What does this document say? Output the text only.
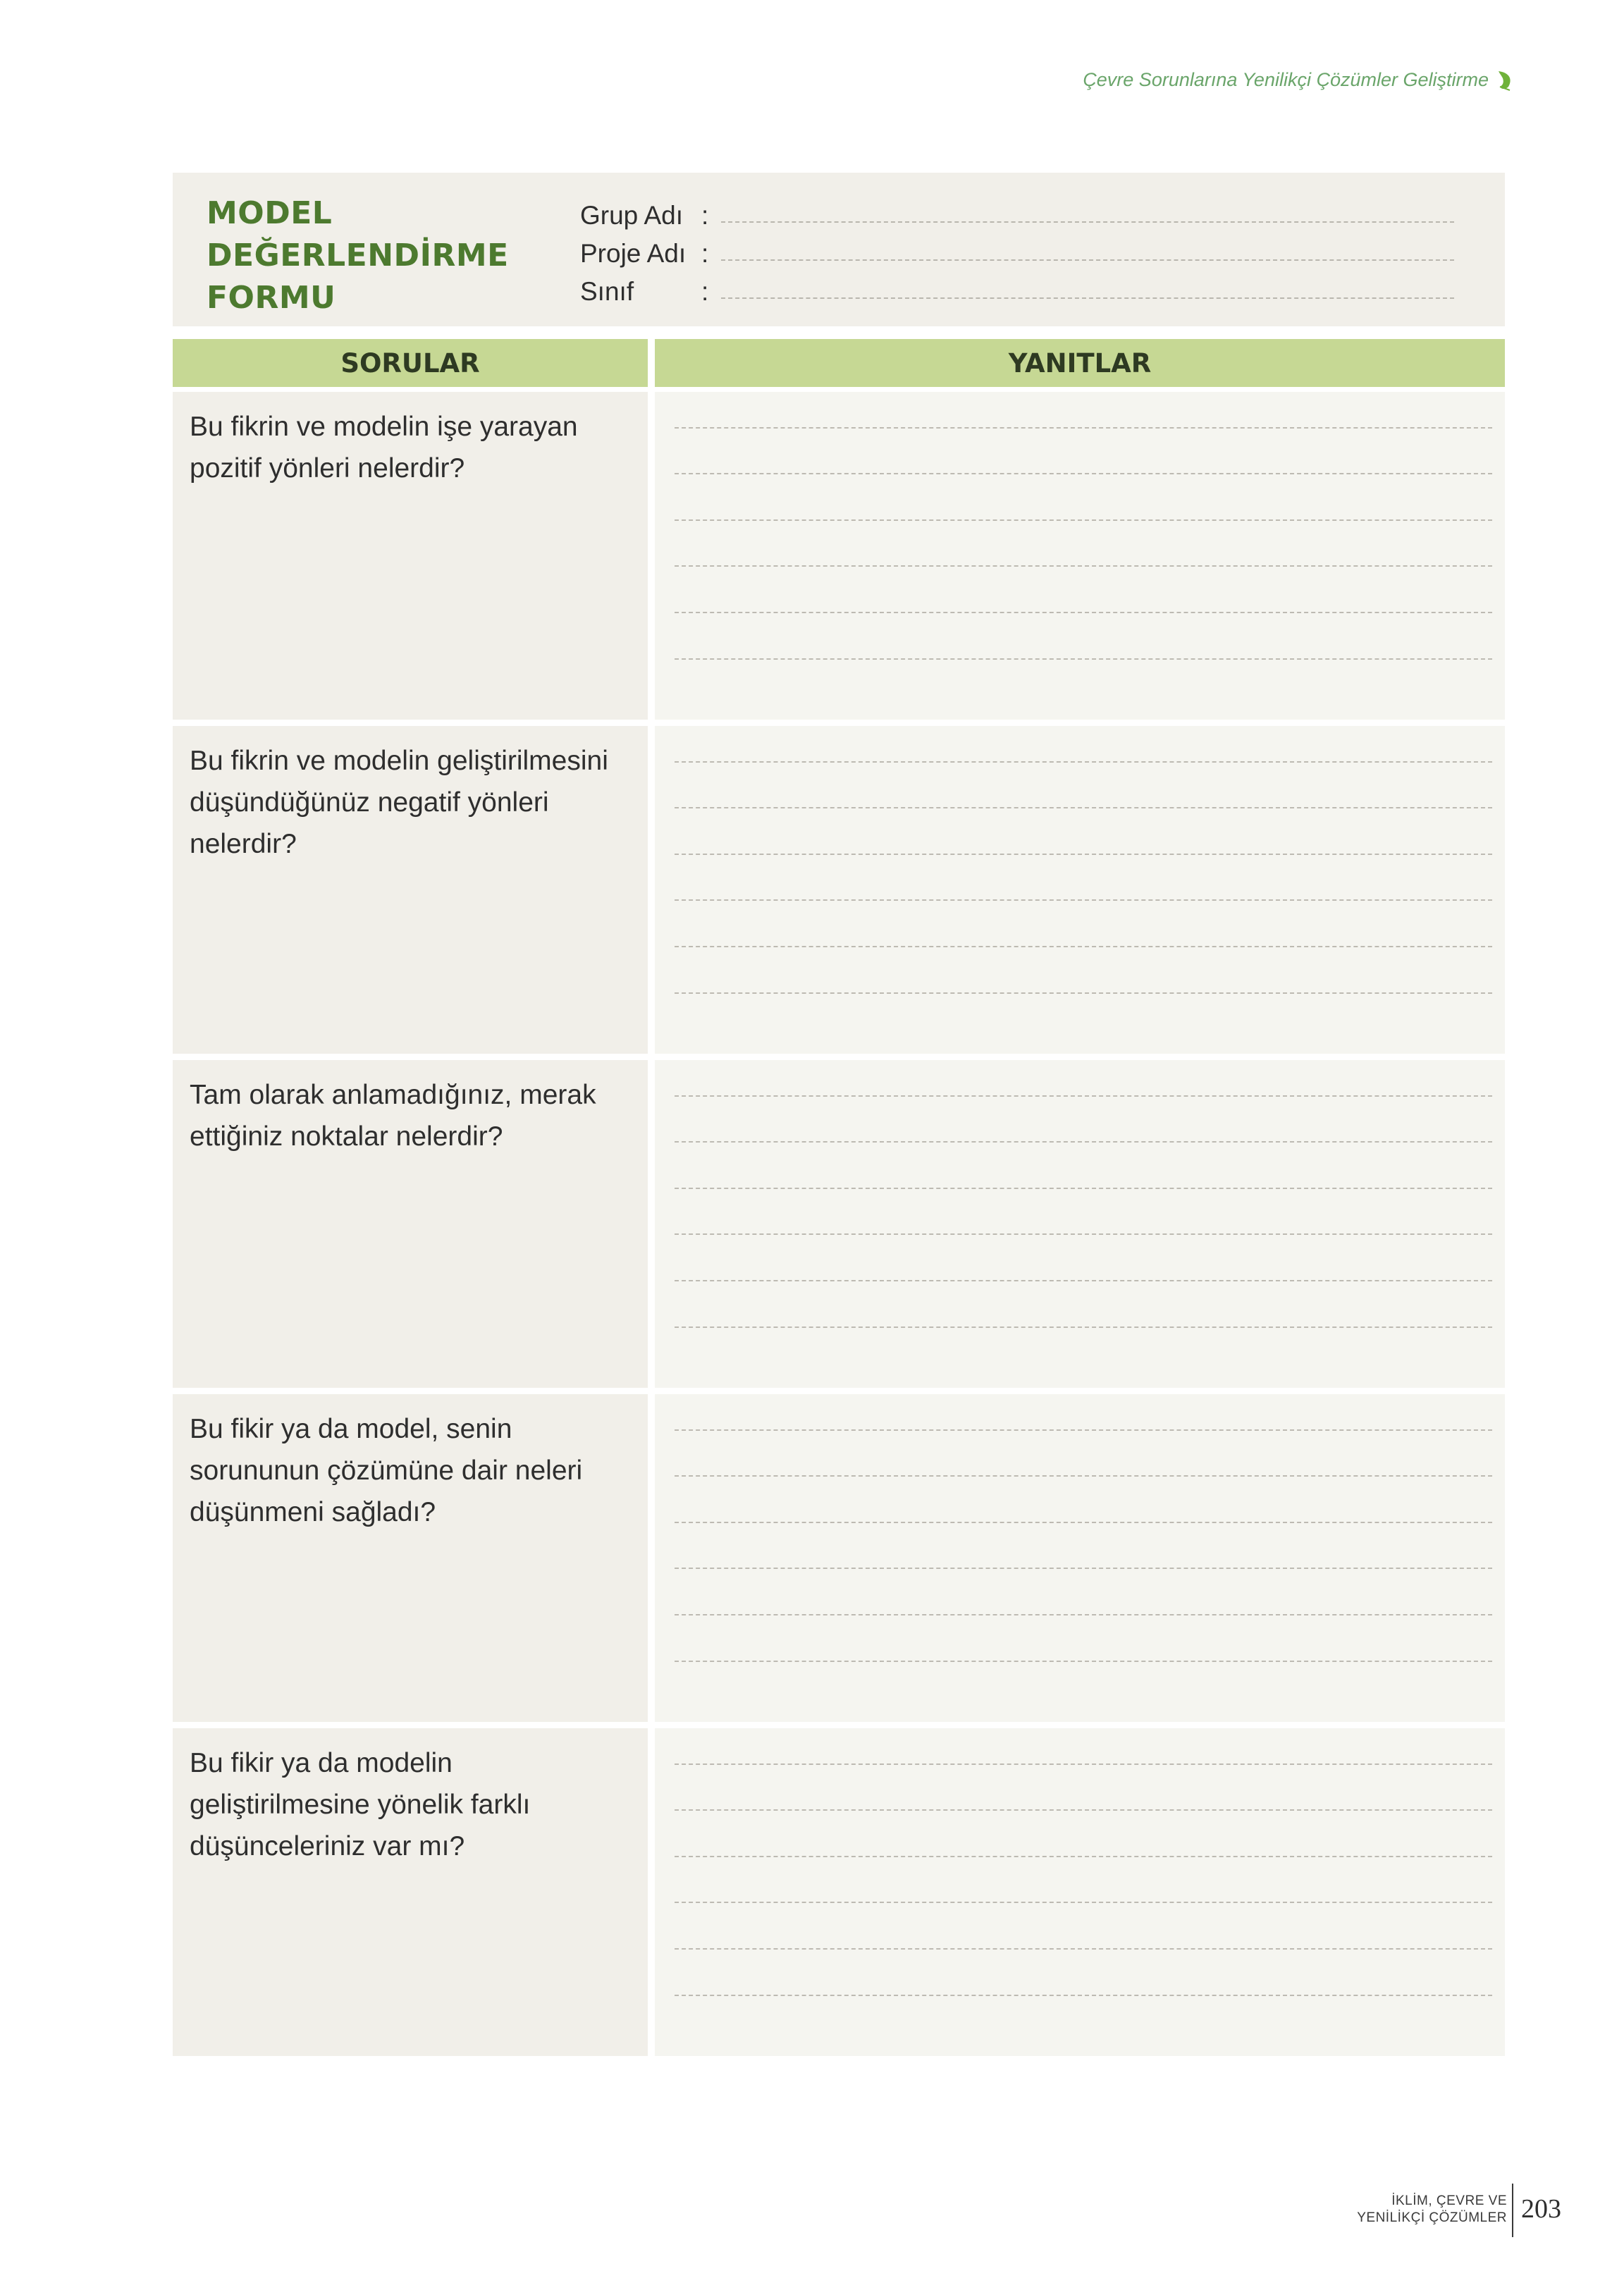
Çevre Sorunlarına Yenilikçi Çözümler Geliştirme
MODEL
DEĞERLENDİRME
FORMU
Grup Adı :
Proje Adı :
Sınıf	:
SORULAR	YANITLAR
Bu fikrin ve modelin işe yarayan pozitif yönleri nelerdir?
Bu fikrin ve modelin geliştirilmesini düşündüğünüz negatif yönleri nelerdir?
Tam olarak anlamadığınız, merak ettiğiniz noktalar nelerdir?
Bu fikir ya da model, senin sorununun çözümüne dair neleri düşünmeni sağladı?
Bu fikir ya da modelin geliştirilmesine yönelik farklı düşünceleriniz var mı?
İKLİM, ÇEVRE VE
YENİLİKÇİ ÇÖZÜMLER 203
